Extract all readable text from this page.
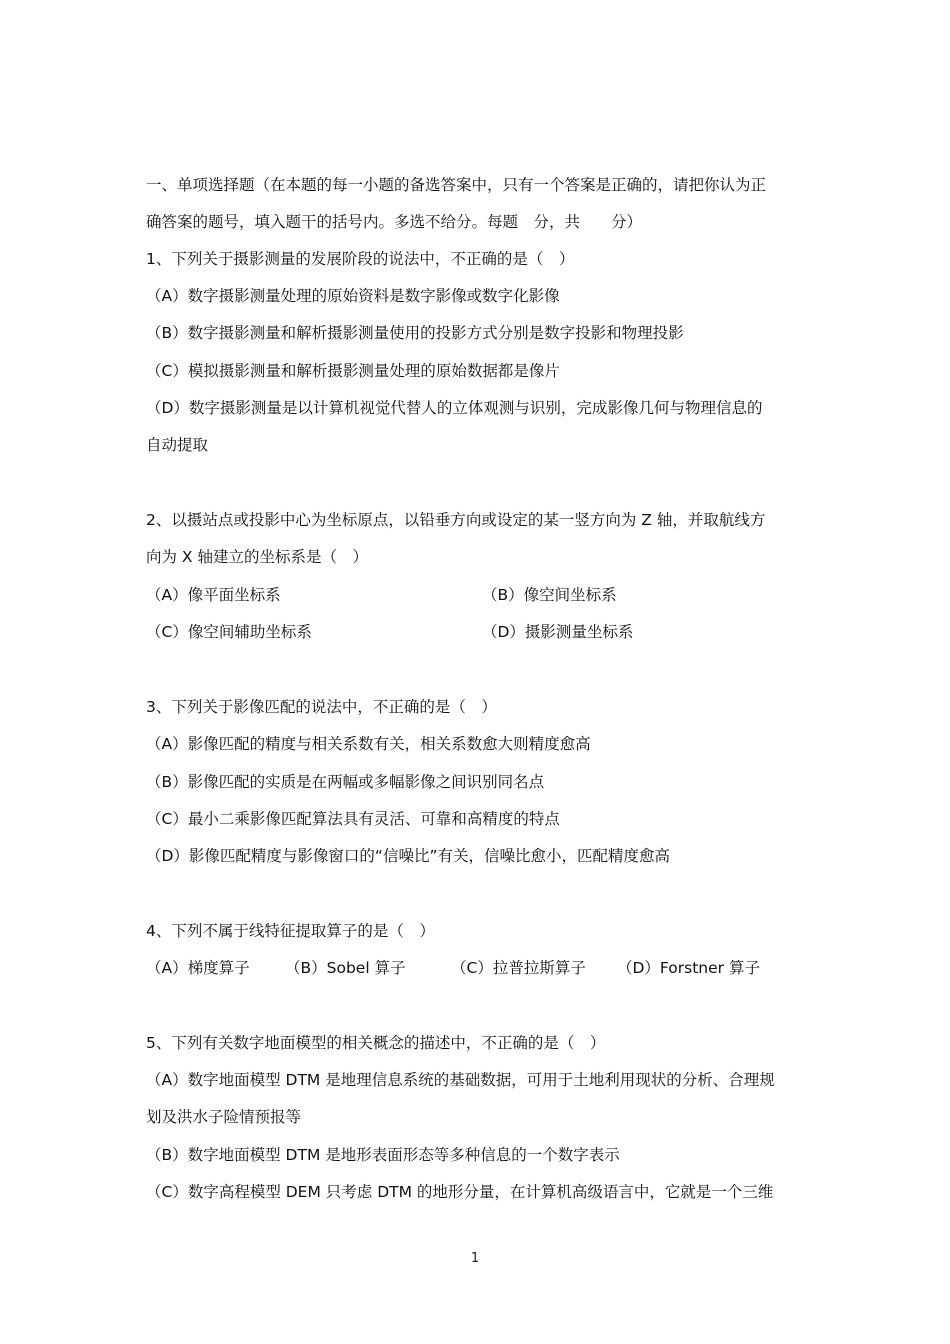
一、单项选择题（在本题的每一小题的备选答案中，只有一个答案是正确的，请把你认为正
确答案的题号，填入题干的括号内。多选不给分。每题　分，共　　分）
1、下列关于摄影测量的发展阶段的说法中，不正确的是（　）
（A）数字摄影测量处理的原始资料是数字影像或数字化影像
（B）数字摄影测量和解析摄影测量使用的投影方式分别是数字投影和物理投影
（C）模拟摄影测量和解析摄影测量处理的原始数据都是像片
（D）数字摄影测量是以计算机视觉代替人的立体观测与识别，完成影像几何与物理信息的
自动提取
2、以摄站点或投影中心为坐标原点，以铅垂方向或设定的某一竖方向为 Z 轴，并取航线方
向为 X 轴建立的坐标系是（　）
（A）像平面坐标系	（B）像空间坐标系
（C）像空间辅助坐标系	（D）摄影测量坐标系
3、下列关于影像匹配的说法中，不正确的是（　）
（A）影像匹配的精度与相关系数有关，相关系数愈大则精度愈高
（B）影像匹配的实质是在两幅或多幅影像之间识别同名点
（C）最小二乘影像匹配算法具有灵活、可靠和高精度的特点
（D）影像匹配精度与影像窗口的“信噪比”有关，信噪比愈小，匹配精度愈高
4、下列不属于线特征提取算子的是（　）
（A）梯度算子 （B）Sobel 算子	（C）拉普拉斯算子 （D）Forstner 算子
5、下列有关数字地面模型的相关概念的描述中，不正确的是（　）
（A）数字地面模型 DTM 是地理信息系统的基础数据，可用于土地利用现状的分析、合理规
划及洪水子险情预报等
（B）数字地面模型 DTM 是地形表面形态等多种信息的一个数字表示
（C）数字高程模型 DEM 只考虑 DTM 的地形分量，在计算机高级语言中，它就是一个三维
1
